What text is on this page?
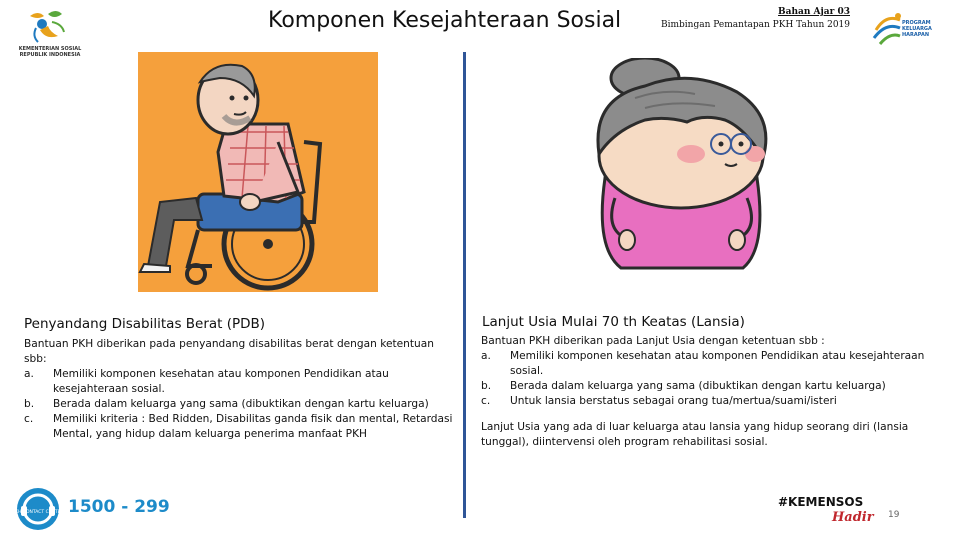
KEMENTERIAN SOSIAL REPUBLIK INDONESIA
Komponen Kesejahteraan Sosial	Bahan Ajar 03
Bimbingan Pemantapan PKH Tahun 2019	PROGRAM KELUARGA HARAPAN
Penyandang Disabilitas Berat (PDB)
Bantuan PKH diberikan pada penyandang disabilitas berat dengan ketentuan sbb:
a.	Memiliki komponen kesehatan atau komponen Pendidikan atau kesejahteraan sosial.
b.	Berada dalam keluarga yang sama (dibuktikan dengan kartu keluarga)
c.	Memiliki kriteria : Bed Ridden, Disabilitas ganda fisik dan mental, Retardasi Mental, yang hidup dalam keluarga penerima manfaat PKH
Lanjut Usia Mulai 70 th Keatas (Lansia)
Bantuan PKH diberikan pada Lanjut Usia dengan ketentuan sbb :
a.	Memiliki komponen kesehatan atau komponen Pendidikan atau kesejahteraan sosial.
b.	Berada dalam keluarga yang sama (dibuktikan dengan kartu keluarga)
c.	Untuk lansia berstatus sebagai orang tua/mertua/suami/isteri
Lanjut Usia yang ada di luar keluarga atau lansia yang hidup seorang diri (lansia tunggal), diintervensi oleh program rehabilitasi sosial.
PKH CONTACT CENTER 1500 - 299	#KEMENSOS
Hadir 19
